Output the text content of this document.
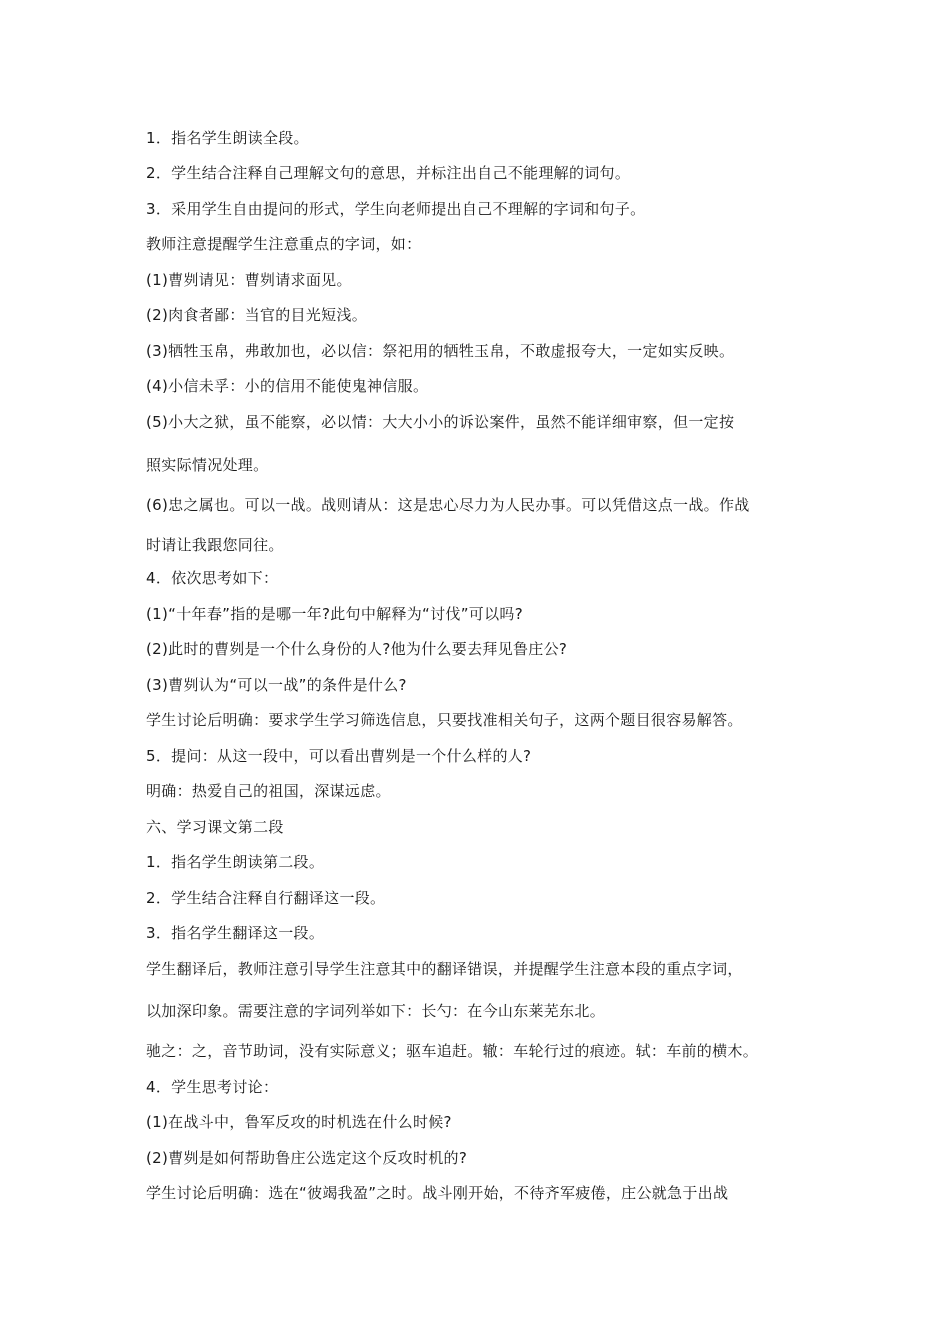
1．指名学生朗读全段。
2．学生结合注释自己理解文句的意思，并标注出自己不能理解的词句。
3．采用学生自由提问的形式，学生向老师提出自己不理解的字词和句子。
教师注意提醒学生注意重点的字词，如：
(1)曹刿请见：曹刿请求面见。
(2)肉食者鄙：当官的目光短浅。
(3)牺牲玉帛，弗敢加也，必以信：祭祀用的牺牲玉帛，不敢虚报夸大，一定如实反映。
(4)小信未孚：小的信用不能使鬼神信服。
(5)小大之狱，虽不能察，必以情：大大小小的诉讼案件，虽然不能详细审察，但一定按
照实际情况处理。
(6)忠之属也。可以一战。战则请从：这是忠心尽力为人民办事。可以凭借这点一战。作战
时请让我跟您同往。
4．依次思考如下：
(1)“十年春”指的是哪一年?此句中解释为“讨伐”可以吗?
(2)此时的曹刿是一个什么身份的人?他为什么要去拜见鲁庄公?
(3)曹刿认为“可以一战”的条件是什么?
学生讨论后明确：要求学生学习筛选信息，只要找准相关句子，这两个题目很容易解答。
5．提问：从这一段中，可以看出曹刿是一个什么样的人?
明确：热爱自己的祖国，深谋远虑。
六、学习课文第二段
1．指名学生朗读第二段。
2．学生结合注释自行翻译这一段。
3．指名学生翻译这一段。
学生翻译后，教师注意引导学生注意其中的翻译错误，并提醒学生注意本段的重点字词，
以加深印象。需要注意的字词列举如下：长勺：在今山东莱芜东北。
驰之：之，音节助词，没有实际意义；驱车追赶。辙：车轮行过的痕迹。轼：车前的横木。
4．学生思考讨论：
(1)在战斗中，鲁军反攻的时机选在什么时候?
(2)曹刿是如何帮助鲁庄公选定这个反攻时机的?
学生讨论后明确：选在“彼竭我盈”之时。战斗刚开始，不待齐军疲倦，庄公就急于出战
